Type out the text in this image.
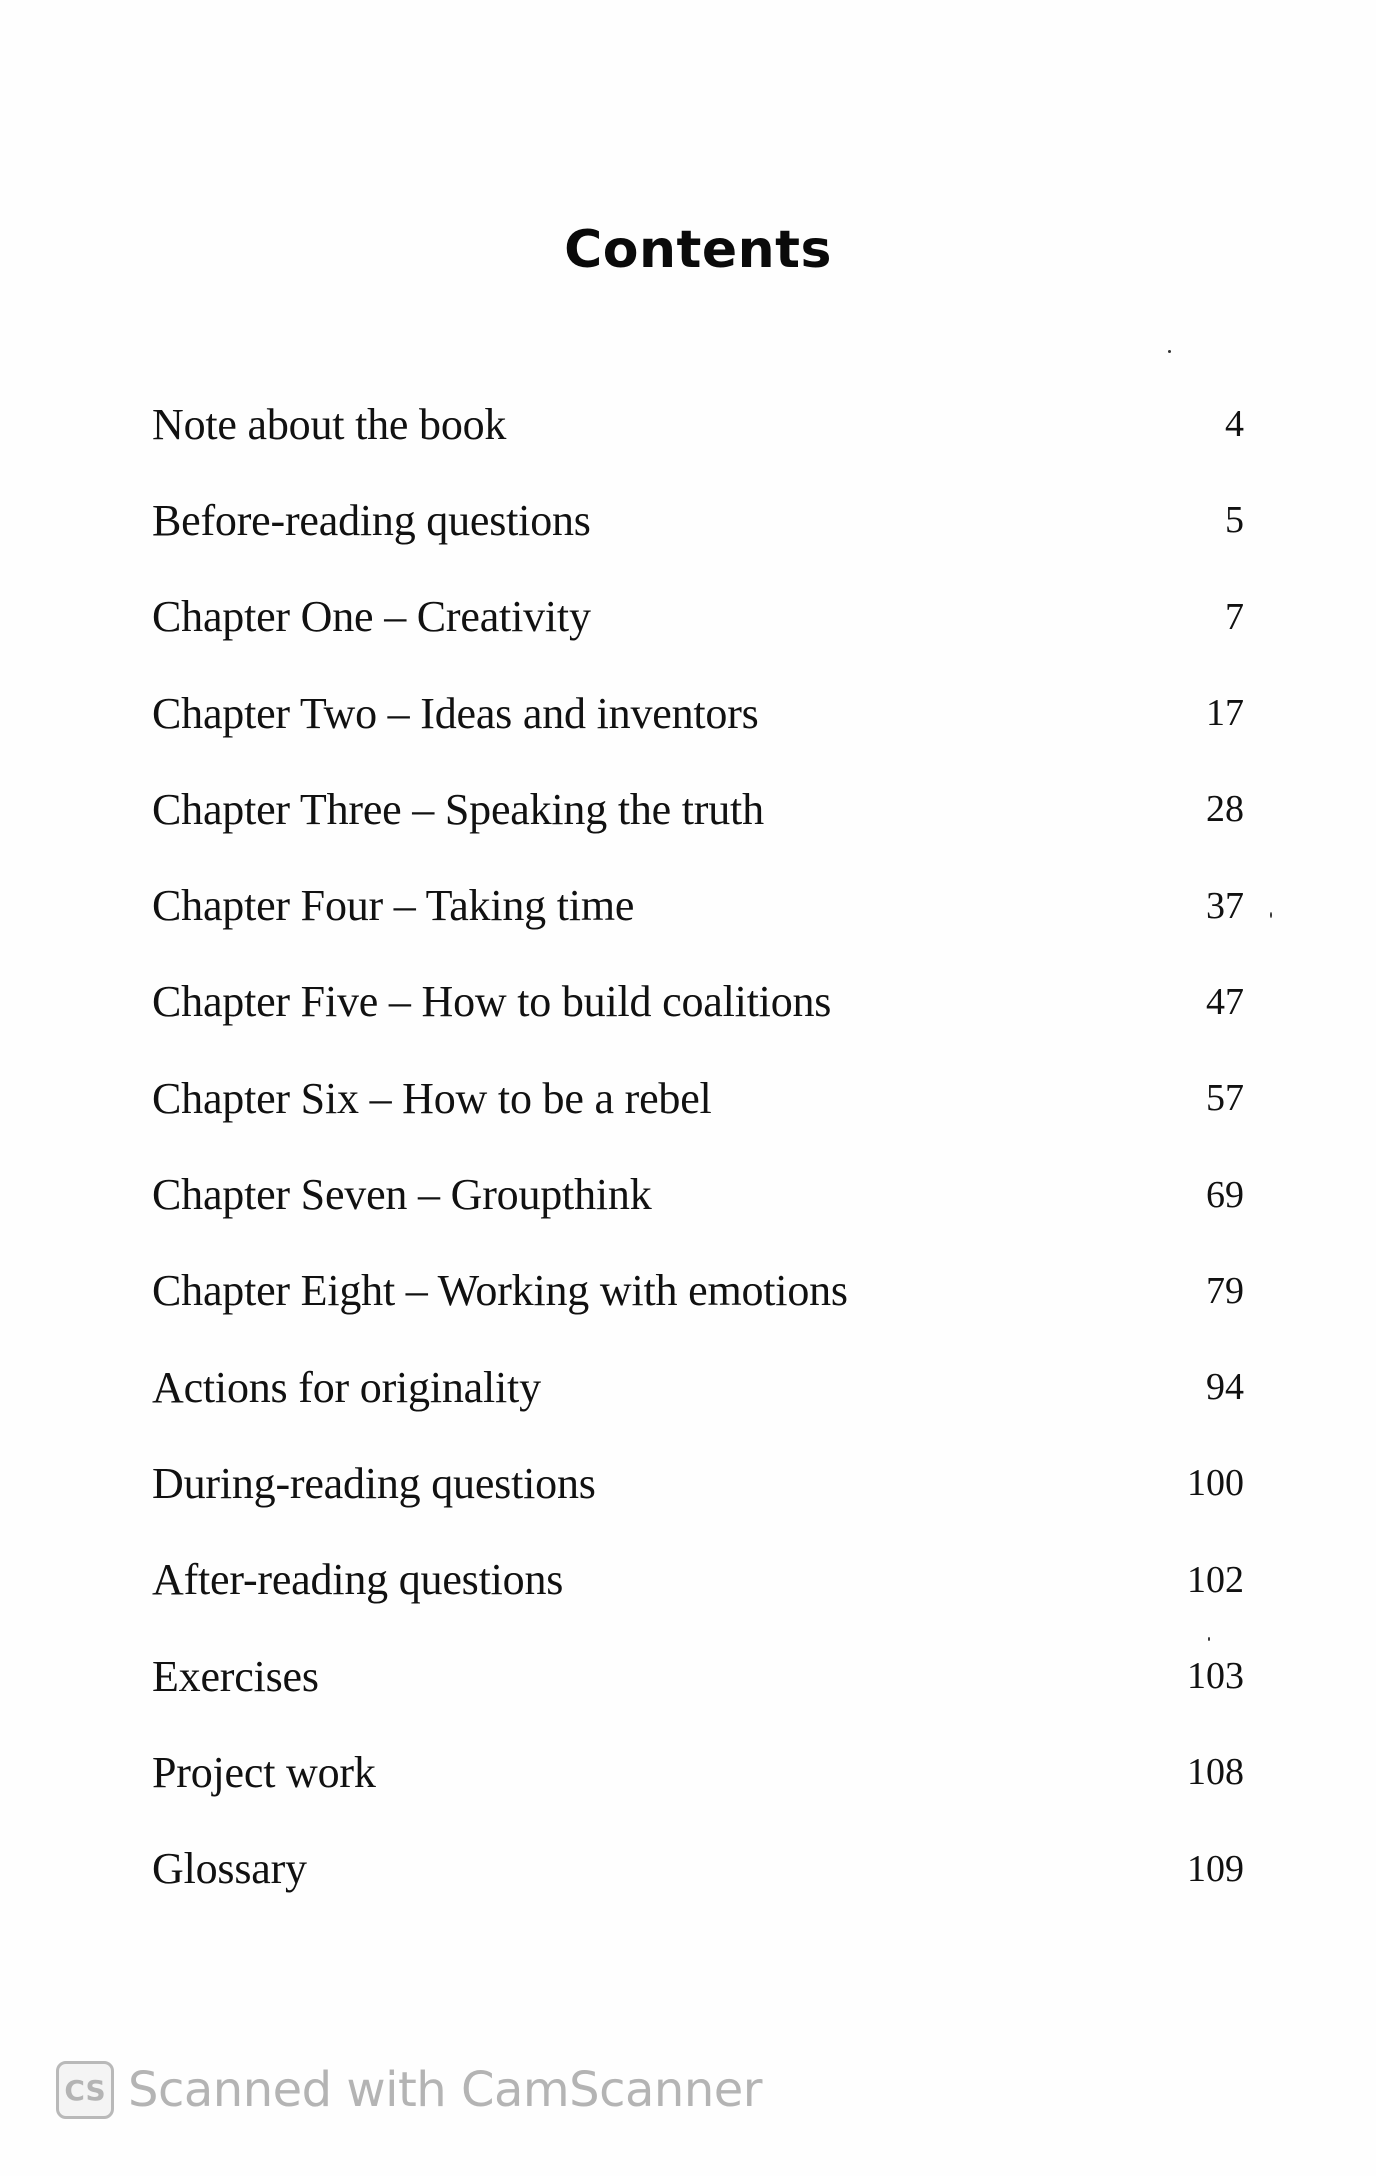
Contents
Note about the book	4
Before-reading questions	5
Chapter One – Creativity	7
Chapter Two – Ideas and inventors	17
Chapter Three – Speaking the truth	28
Chapter Four – Taking time	37
Chapter Five – How to build coalitions	47
Chapter Six – How to be a rebel	57
Chapter Seven – Groupthink	69
Chapter Eight – Working with emotions	79
Actions for originality	94
During-reading questions	100
After-reading questions	102
Exercises	103
Project work	108
Glossary	109
CS Scanned with CamScanner
